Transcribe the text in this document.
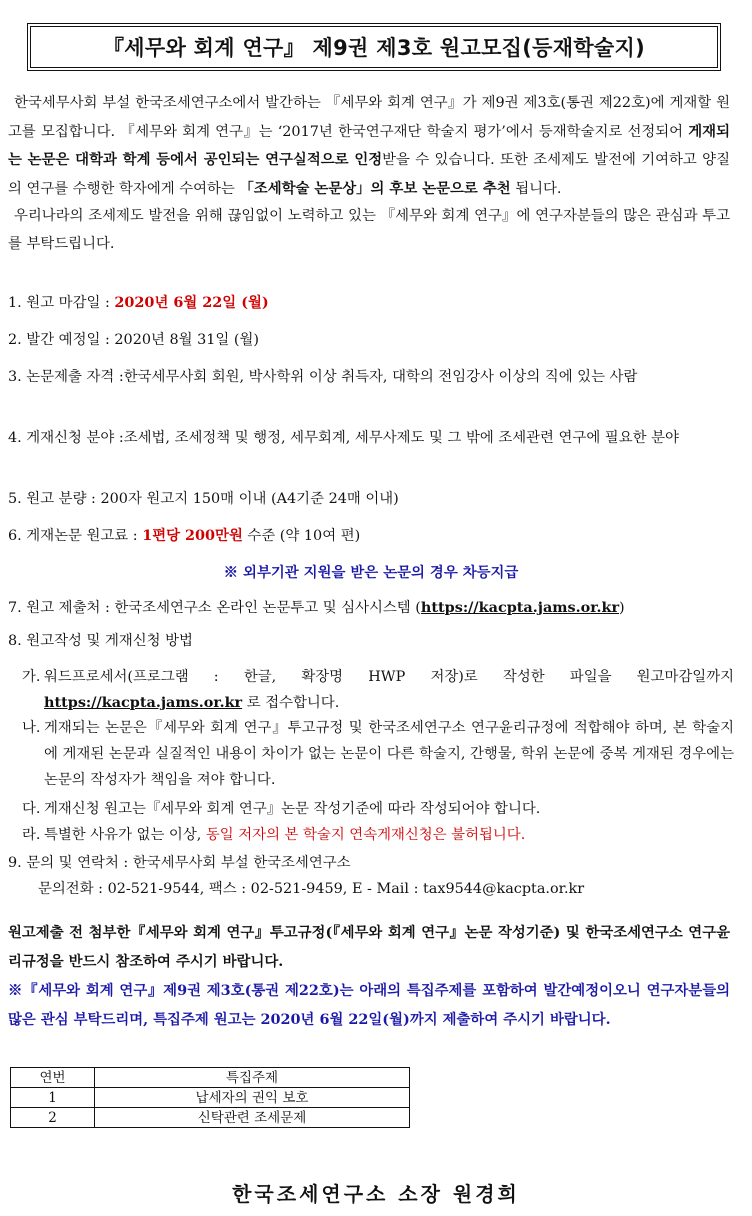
『세무와 회계 연구』 제9권 제3호 원고모집(등재학술지)

한국세무사회 부설 한국조세연구소에서 발간하는 『세무와 회계 연구』가 제9권 제3호(통권 제22호)에 게재할 원고를 모집합니다. 『세무와 회계 연구』는 ‘2017년 한국연구재단 학술지 평가’에서 등재학술지로 선정되어 게재되는 논문은 대학과 학계 등에서 공인되는 연구실적으로 인정받을 수 있습니다. 또한 조세제도 발전에 기여하고 양질의 연구를 수행한 학자에게 수여하는 「조세학술 논문상」의 후보 논문으로 추천 됩니다.

우리나라의 조세제도 발전을 위해 끊임없이 노력하고 있는 『세무와 회계 연구』에 연구자분들의 많은 관심과 투고를 부탁드립니다.

1. 원고 마감일 : 2020년 6월 22일 (월)
2. 발간 예정일 : 2020년 8월 31일 (월)
3. 논문제출 자격 : 한국세무사회 회원, 박사학위 이상 취득자, 대학의 전임강사 이상의 직에 있는 사람
4. 게재신청 분야 : 조세법, 조세정책 및 행정, 세무회계, 세무사제도 및 그 밖에 조세관련 연구에 필요한 분야
5. 원고 분량 : 200자 원고지 150매 이내 (A4기준 24매 이내)
6. 게재논문 원고료 : 1편당 200만원 수준 (약 10여 편)
※ 외부기관 지원을 받은 논문의 경우 차등지급
7. 원고 제출처 : 한국조세연구소 온라인 논문투고 및 심사시스템 (https://kacpta.jams.or.kr)
8. 원고작성 및 게재신청 방법
가. 워드프로세서(프로그램 : 한글, 확장명 HWP 저장)로 작성한 파일을 원고마감일까지 https://kacpta.jams.or.kr 로 접수합니다.
나. 게재되는 논문은『세무와 회계 연구』투고규정 및 한국조세연구소 연구윤리규정에 적합해야 하며, 본 학술지에 게재된 논문과 실질적인 내용이 차이가 없는 논문이 다른 학술지, 간행물, 학위 논문에 중복 게재된 경우에는 논문의 작성자가 책임을 져야 합니다.
다. 게재신청 원고는『세무와 회계 연구』논문 작성기준에 따라 작성되어야 합니다.
라. 특별한 사유가 없는 이상, 동일 저자의 본 학술지 연속게재신청은 불허됩니다.
9. 문의 및 연락처 : 한국세무사회 부설 한국조세연구소
문의전화 : 02-521-9544, 팩스 : 02-521-9459, E - Mail : tax9544@kacpta.or.kr

원고제출 전 첨부한『세무와 회계 연구』투고규정(『세무와 회계 연구』논문 작성기준) 및 한국조세연구소 연구윤리규정을 반드시 참조하여 주시기 바랍니다.

※『세무와 회계 연구』제9권 제3호(통권 제22호)는 아래의 특집주제를 포함하여 발간예정이오니 연구자분들의 많은 관심 부탁드리며, 특집주제 원고는 2020년 6월 22일(월)까지 제출하여 주시기 바랍니다.

연번	특집주제
1	납세자의 권익 보호
2	신탁관련 조세문제
한국조세연구소 소장 원경희
